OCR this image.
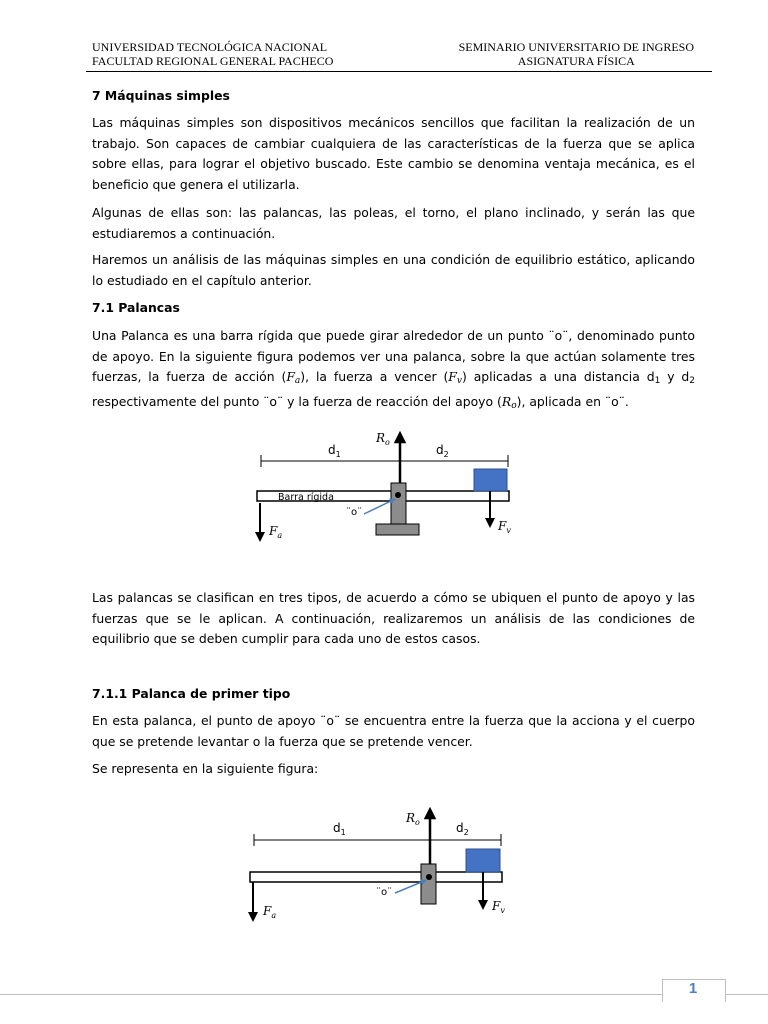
UNIVERSIDAD TECNOLÓGICA NACIONAL
FACULTAD REGIONAL GENERAL PACHECO
SEMINARIO UNIVERSITARIO DE INGRESO
ASIGNATURA FÍSICA
7 Máquinas simples

Las máquinas simples son dispositivos mecánicos sencillos que facilitan la realización de un trabajo. Son capaces de cambiar cualquiera de las características de la fuerza que se aplica sobre ellas, para lograr el objetivo buscado. Este cambio se denomina ventaja mecánica, es el beneficio que genera el utilizarla.

Algunas de ellas son: las palancas, las poleas, el torno, el plano inclinado, y serán las que estudiaremos a continuación.

Haremos un análisis de las máquinas simples en una condición de equilibrio estático, aplicando lo estudiado en el capítulo anterior.

7.1 Palancas

Una Palanca es una barra rígida que puede girar alrededor de un punto ¨o¨, denominado punto de apoyo. En la siguiente figura podemos ver una palanca, sobre la que actúan solamente tres fuerzas, la fuerza de acción $(F_a)$, la fuerza a vencer $(F_v)$ aplicadas a una distancia $d_1$ y $d_2$ respectivamente del punto ¨o¨ y la fuerza de reacción del apoyo $(R_o)$, aplicada en ¨o¨.

Las palancas se clasifican en tres tipos, de acuerdo a cómo se ubiquen el punto de apoyo y las fuerzas que se le aplican. A continuación, realizaremos un análisis de las condiciones de equilibrio que se deben cumplir para cada uno de estos casos.

7.1.1 Palanca de primer tipo

En esta palanca, el punto de apoyo ¨o¨ se encuentra entre la fuerza que la acciona y el cuerpo que se pretende levantar o la fuerza que se pretende vencer.

Se representa en la siguiente figura:

$d_1$	$d_2$
$R_o$
Barra rígida
¨o¨
$F_a$
$F_v$
$d_1$	$d_2$
$R_o$
¨o¨
$F_a$
$F_v$
1
